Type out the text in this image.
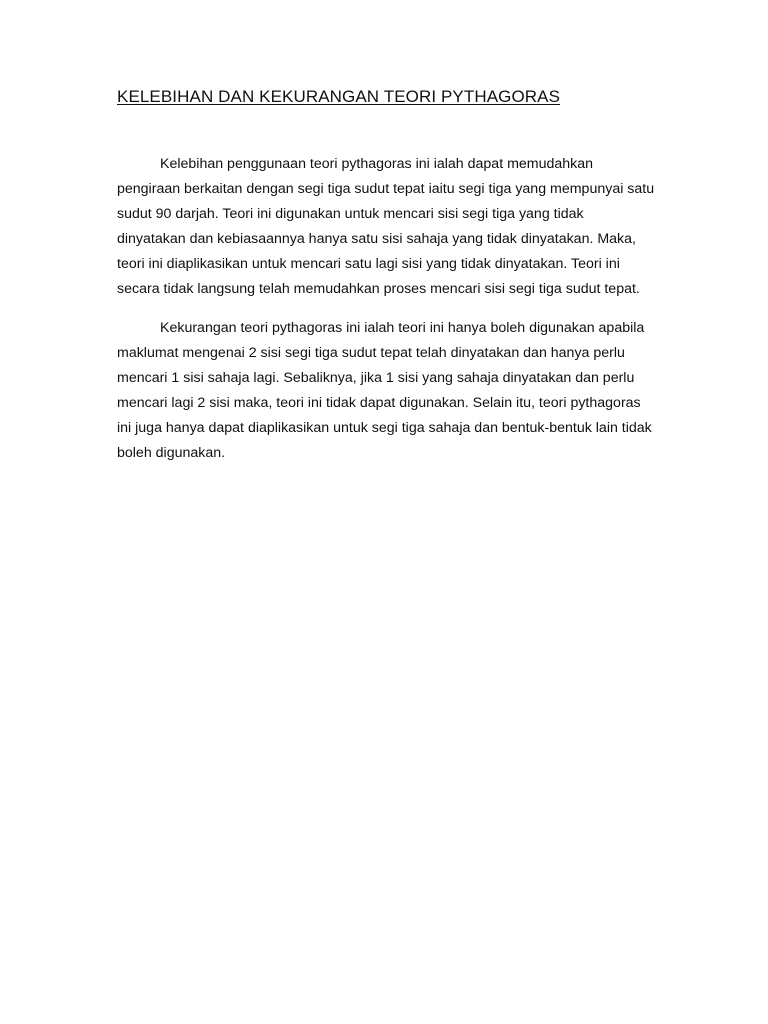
KELEBIHAN DAN KEKURANGAN TEORI PYTHAGORAS

Kelebihan penggunaan teori pythagoras ini ialah dapat memudahkan pengiraan berkaitan dengan segi tiga sudut tepat iaitu segi tiga yang mempunyai satu sudut 90 darjah. Teori ini digunakan untuk mencari sisi segi tiga yang tidak dinyatakan dan kebiasaannya hanya satu sisi sahaja yang tidak dinyatakan. Maka, teori ini diaplikasikan untuk mencari satu lagi sisi yang tidak dinyatakan. Teori ini secara tidak langsung telah memudahkan proses mencari sisi segi tiga sudut tepat.

Kekurangan teori pythagoras ini ialah teori ini hanya boleh digunakan apabila maklumat mengenai 2 sisi segi tiga sudut tepat telah dinyatakan dan hanya perlu mencari 1 sisi sahaja lagi. Sebaliknya, jika 1 sisi yang sahaja dinyatakan dan perlu mencari lagi 2 sisi maka, teori ini tidak dapat digunakan. Selain itu, teori pythagoras ini juga hanya dapat diaplikasikan untuk segi tiga sahaja dan bentuk-bentuk lain tidak boleh digunakan.
